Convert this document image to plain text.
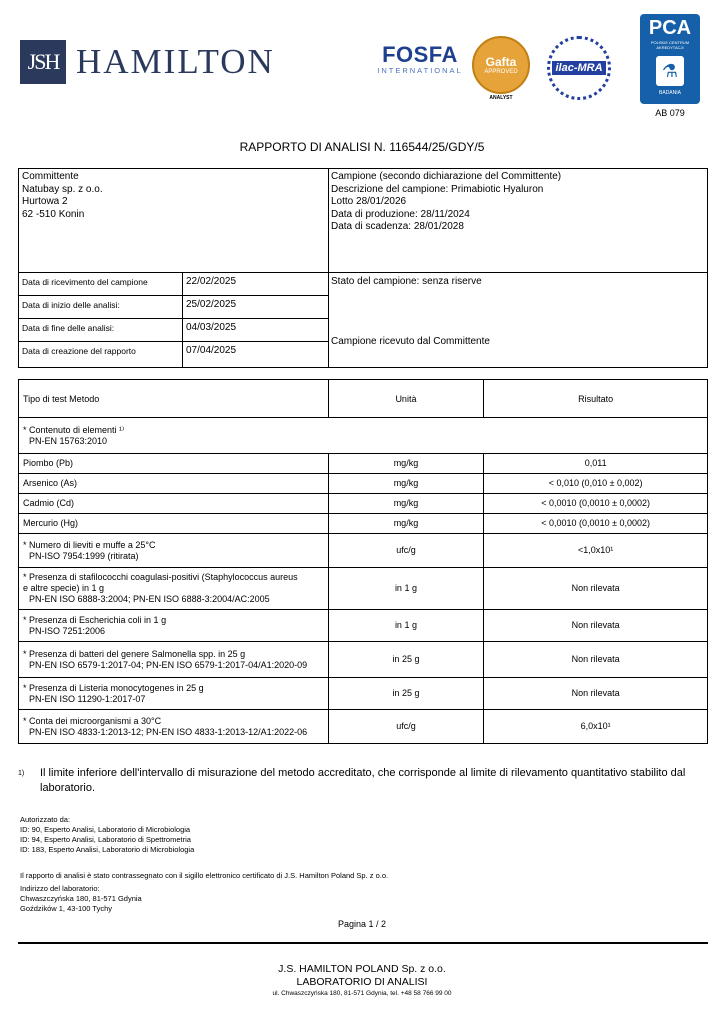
JSH HAMILTON	FOSFA
INTERNATIONAL
Gafta
APPROVED
ANALYST
ilac-MRA
PCA
POLSKIE CENTRUM AKREDYTACJI
⚗
BADANIA
AB 079
RAPPORTO DI ANALISI N. 116544/25/GDY/5
Committente
Natubay sp. z o.o.
Hurtowa 2
62 -510 Konin
Campione (secondo dichiarazione del Committente)
Descrizione del campione: Primabiotic Hyaluron
Lotto 28/01/2026
Data di produzione: 28/11/2024
Data di scadenza: 28/01/2028
Data di ricevimento del campione	22/02/2025
Data di inizio delle analisi:	25/02/2025
Data di fine delle analisi:	04/03/2025
Data di creazione del rapporto	07/04/2025
Stato del campione: senza riserve
Campione ricevuto dal Committente
Tipo di test Metodo	Unità	Risultato

* Contenuto di elementi ¹⁾
PN-EN 15763:2010		

Piombo (Pb)	mg/kg	0,011
Arsenico (As)	mg/kg	< 0,010 (0,010 ± 0,002)
Cadmio (Cd)	mg/kg	< 0,0010 (0,0010 ± 0,0002)
Mercurio (Hg)	mg/kg	< 0,0010 (0,0010 ± 0,0002)

* Numero di lieviti e muffe a 25°C
PN-ISO 7954:1999 (ritirata)	ufc/g	<1,0x10¹

* Presenza di stafilococchi coagulasi-positivi (Staphylococcus aureus
e altre specie) in 1 g
PN-EN ISO 6888-3:2004; PN-EN ISO 6888-3:2004/AC:2005	in 1 g	Non rilevata

* Presenza di Escherichia coli in 1 g
PN-ISO 7251:2006	in 1 g	Non rilevata

* Presenza di batteri del genere Salmonella spp. in 25 g
PN-EN ISO 6579-1:2017-04; PN-EN ISO 6579-1:2017-04/A1:2020-09	in 25 g	Non rilevata

* Presenza di Listeria monocytogenes in 25 g
PN-EN ISO 11290-1:2017-07	in 25 g	Non rilevata

* Conta dei microorganismi a 30°C
PN-EN ISO 4833-1:2013-12; PN-EN ISO 4833-1:2013-12/A1:2022-06	ufc/g	6,0x10¹
1) Il limite inferiore dell'intervallo di misurazione del metodo accreditato, che corrisponde al limite di rilevamento quantitativo stabilito dal laboratorio.
Autorizzato da:
ID: 90, Esperto Analisi, Laboratorio di Microbiologia
ID: 94, Esperto Analisi, Laboratorio di Spettrometria
ID: 183, Esperto Analisi, Laboratorio di Microbiologia
Il rapporto di analisi è stato contrassegnato con il sigillo elettronico certificato di J.S. Hamilton Poland Sp. z o.o.
Indirizzo del laboratorio:
Chwaszczyńska 180, 81-571 Gdynia
Goździków 1, 43-100 Tychy
Pagina 1 / 2
J.S. HAMILTON POLAND Sp. z o.o.
LABORATORIO DI ANALISI
ul. Chwaszczyńska 180, 81-571 Gdynia, tel. +48 58 766 99 00
